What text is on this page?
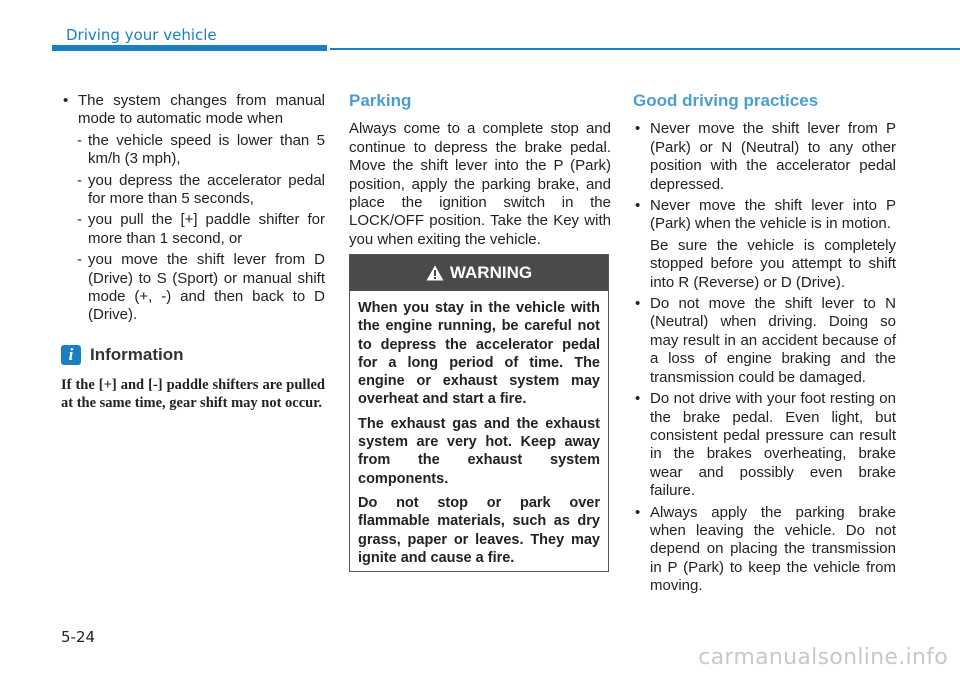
Driving your vehicle

• The system changes from manual mode to automatic mode when

- the vehicle speed is lower than 5 km/h (3 mph),

- you depress the accelerator pedal for more than 5 seconds,

- you pull the [+] paddle shifter for more than 1 second, or

- you move the shift lever from D (Drive) to S (Sport) or manual shift mode (+, -) and then back to D (Drive).

i Information
If the [+] and [-] paddle shifters are pulled at the same time, gear shift may not occur.
Parking

Always come to a complete stop and continue to depress the brake pedal. Move the shift lever into the P (Park) position, apply the parking brake, and place the ignition switch in the LOCK/OFF position. Take the Key with you when exiting the vehicle.

WARNING

When you stay in the vehicle with the engine running, be careful not to depress the accelerator pedal for a long period of time. The engine or exhaust system may overheat and start a fire.

The exhaust gas and the exhaust system are very hot. Keep away from the exhaust system components.

Do not stop or park over flammable materials, such as dry grass, paper or leaves. They may ignite and cause a fire.

Good driving practices

• Never move the shift lever from P (Park) or N (Neutral) to any other position with the accelerator pedal depressed.

• Never move the shift lever into P (Park) when the vehicle is in motion.

Be sure the vehicle is completely stopped before you attempt to shift into R (Reverse) or D (Drive).

• Do not move the shift lever to N (Neutral) when driving. Doing so may result in an accident because of a loss of engine braking and the transmission could be damaged.

• Do not drive with your foot resting on the brake pedal. Even light, but consistent pedal pressure can result in the brakes overheating, brake wear and possibly even brake failure.

• Always apply the parking brake when leaving the vehicle. Do not depend on placing the transmission in P (Park) to keep the vehicle from moving.

5-24
carmanualsonline.info
